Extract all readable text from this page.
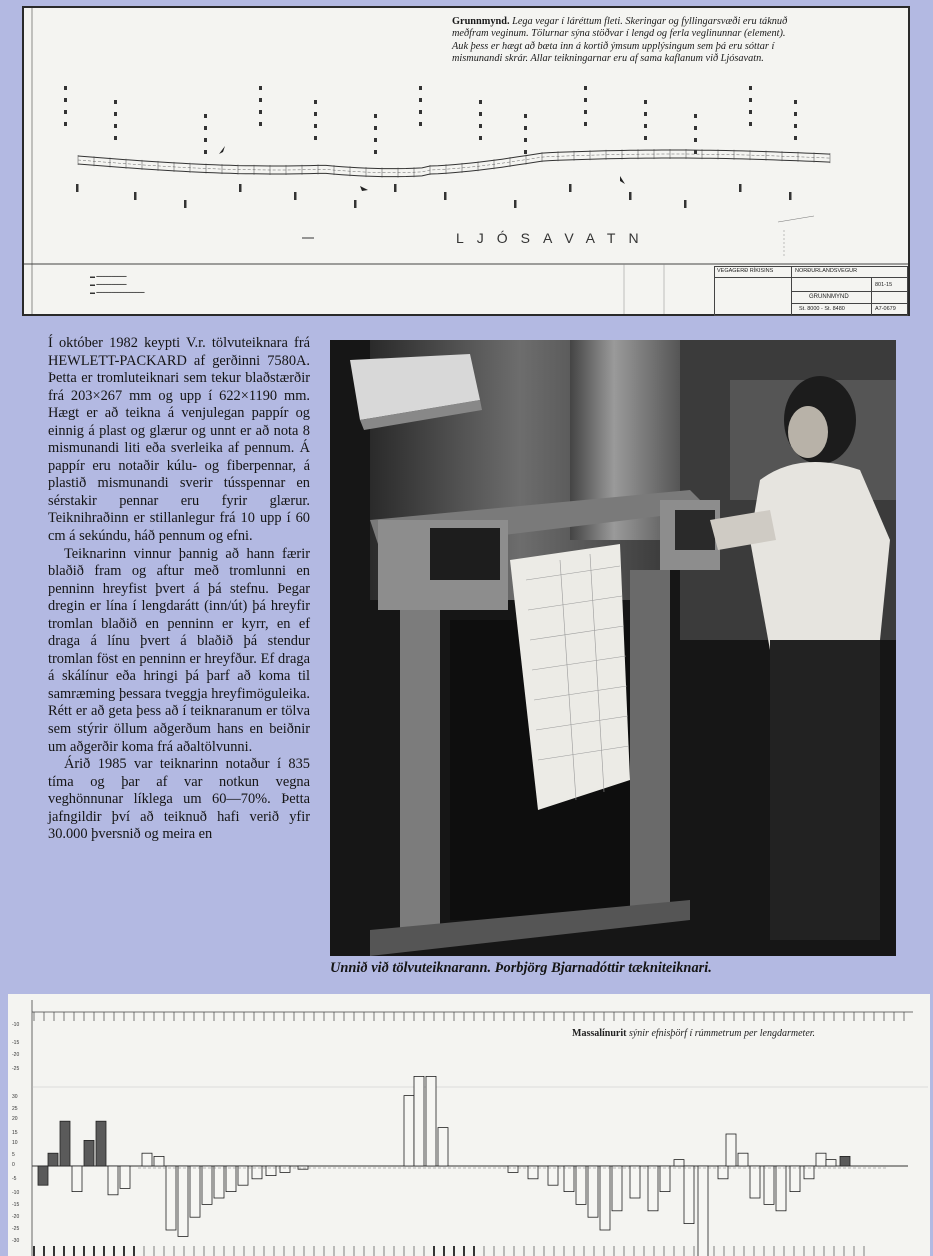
Grunnmynd. Lega vegar í láréttum fleti. Skeringar og fyllingarsvæði eru táknuð
meðfram veginum. Tölurnar sýna stöðvar í lengd og ferla veglinunnar (element).
Auk þess er hægt að bæta inn á kortið ýmsum upplýsingum sem þá eru sóttar í
mismunandi skrár. Allar teikningarnar eru af sama kaflanum við Ljósavatn.
LJÓSAVATN
▬ ━━━━━━━━━━
▬ ━━━━━━━━━━
▬ ━━━━━━━━━━━━━━━━
VEGAGERÐ RÍKISINS	NORÐURLANDSVEGUR
GRUNNMYND
St. 8000 - St. 8480
801-15
A7-0679

Í október 1982 keypti V.r. tölvuteiknara frá HEWLETT-PACKARD af gerðinni 7580A. Þetta er tromluteiknari sem tekur blaðstærðir frá 203×267 mm og upp í 622×1190 mm. Hægt er að teikna á venjulegan pappír og einnig á plast og glærur og unnt er að nota 8 mismunandi liti eða sverleika af pennum. Á pappír eru notaðir kúlu- og fiberpennar, á plastið mismunandi sverir tússpennar en sérstakir pennar eru fyrir glærur. Teiknihraðinn er stillanlegur frá 10 upp í 60 cm á sekúndu, háð pennum og efni.

Teiknarinn vinnur þannig að hann færir blaðið fram og aftur með tromlunni en penninn hreyfist þvert á þá stefnu. Þegar dregin er lína í lengdarátt (inn/út) þá hreyfir tromlan blaðið en penninn er kyrr, en ef draga á línu þvert á blaðið þá stendur tromlan föst en penninn er hreyfður. Ef draga á skálínur eða hringi þá þarf að koma til samræming þessara tveggja hreyfimöguleika. Rétt er að geta þess að í teiknaranum er tölva sem stýrir öllum aðgerðum hans en beiðnir um aðgerðir koma frá aðaltölvunni.

Árið 1985 var teiknarinn notaður í 835 tíma og þar af var notkun vegna veghönnunar líklega um 60—70%. Þetta jafngildir því að teiknuð hafi verið yfir 30.000 þversnið og meira en

Unnið við tölvuteiknarann. Þorbjörg Bjarnadóttir tækniteiknari.
Massalínurit sýnir efnisþörf í rúmmetrum per lengdarmeter.
-10
-15
-20
-25
30
25
20
15
10
5
0
-5
-10
-15
-20
-25
-30
